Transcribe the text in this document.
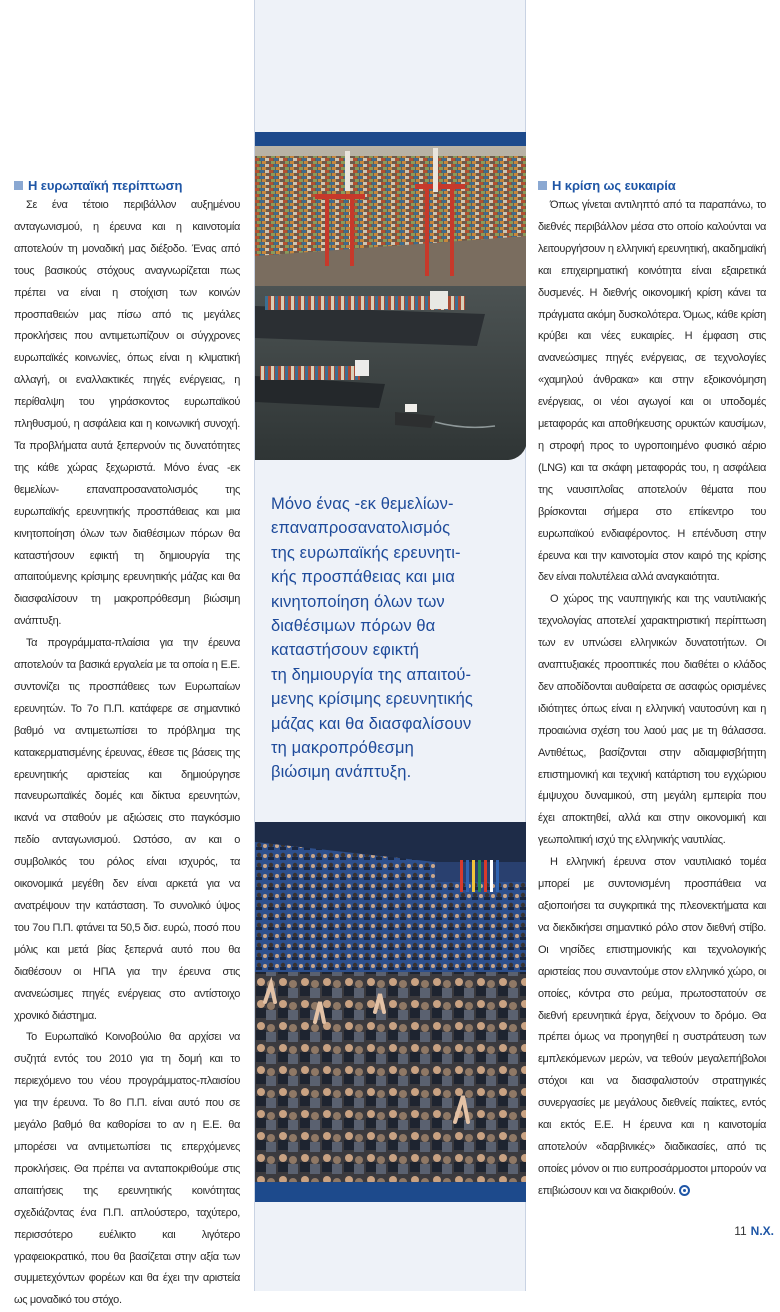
Η ευρωπαϊκή περίπτωση

Σε ένα τέτοιο περιβάλλον αυξημένου ανταγωνισμού, η έρευνα και η καινοτομία αποτελούν τη μοναδική μας διέξοδο. Ένας από τους βασικούς στόχους αναγνωρίζεται πως πρέπει να είναι η στοίχιση των κοινών προσπαθειών μας πίσω από τις μεγάλες προκλήσεις που αντιμετωπίζουν οι σύγχρονες ευρωπαϊκές κοινωνίες, όπως είναι η κλιματική αλλαγή, οι εναλλακτικές πηγές ενέργειας, η περίθαλψη του γηράσκοντος ευρωπαϊκού πληθυσμού, η ασφάλεια και η κοινωνική συνοχή. Τα προβλήματα αυτά ξεπερνούν τις δυνατότητες της κάθε χώρας ξεχωριστά. Μόνο ένας -εκ θεμελίων- επαναπροσανατολισμός της ευρωπαϊκής ερευνητικής προσπάθειας και μια κινητοποίηση όλων των διαθέσιμων πόρων θα καταστήσουν εφικτή τη δημιουργία της απαιτούμενης κρίσιμης ερευνητικής μάζας και θα διασφαλίσουν τη μακροπρόθεσμη βιώσιμη ανάπτυξη.

Τα προγράμματα-πλαίσια για την έρευνα αποτελούν τα βασικά εργαλεία με τα οποία η Ε.Ε. συντονίζει τις προσπάθειες των Ευρωπαίων ερευνητών. Το 7ο Π.Π. κατάφερε σε σημαντικό βαθμό να αντιμετωπίσει το πρόβλημα της κατακερματισμένης έρευνας, έθεσε τις βάσεις της ερευνητικής αριστείας και δημιούργησε πανευρωπαϊκές δομές και δίκτυα ερευνητών, ικανά να σταθούν με αξιώσεις στο παγκόσμιο πεδίο ανταγωνισμού. Ωστόσο, αν και ο συμβολικός του ρόλος είναι ισχυρός, τα οικονομικά μεγέθη δεν είναι αρκετά για να ανατρέψουν την κατάσταση. Το συνολικό ύψος του 7ου Π.Π. φτάνει τα 50,5 δισ. ευρώ, ποσό που μόλις και μετά βίας ξεπερνά αυτό που θα διαθέσουν οι ΗΠΑ για την έρευνα στις ανανεώσιμες πηγές ενέργειας στο αντίστοιχο χρονικό διάστημα.

Το Ευρωπαϊκό Κοινοβούλιο θα αρχίσει να συζητά εντός του 2010 για τη δομή και το περιεχόμενο του νέου προγράμματος-πλαισίου για την έρευνα. Το 8ο Π.Π. είναι αυτό που σε μεγάλο βαθμό θα καθορίσει το αν η Ε.Ε. θα μπορέσει να αντιμετωπίσει τις επερχόμενες προκλήσεις. Θα πρέπει να ανταποκριθούμε στις απαιτήσεις της ερευνητικής κοινότητας σχεδιάζοντας ένα Π.Π. απλούστερο, ταχύτερο, περισσότερο ευέλικτο και λιγότερο γραφειοκρατικό, που θα βασίζεται στην αξία των συμμετεχόντων φορέων και θα έχει την αριστεία ως μοναδικό του στόχο.

Μόνο ένας -εκ θεμελίων-
επαναπροσανατολισμός
της ευρωπαϊκής ερευνητι-
κής προσπάθειας και μια
κινητοποίηση όλων των
διαθέσιμων πόρων θα
καταστήσουν εφικτή
τη δημιουργία της απαιτού-
μενης κρίσιμης ερευνητικής
μάζας και θα διασφαλίσουν
τη μακροπρόθεσμη
βιώσιμη ανάπτυξη.
Η κρίση ως ευκαιρία

Όπως γίνεται αντιληπτό από τα παραπάνω, το διεθνές περιβάλλον μέσα στο οποίο καλούνται να λειτουργήσουν η ελληνική ερευνητική, ακαδημαϊκή και επιχειρηματική κοινότητα είναι εξαιρετικά δυσμενές. Η διεθνής οικονομική κρίση κάνει τα πράγματα ακόμη δυσκολότερα. Όμως, κάθε κρίση κρύβει και νέες ευκαιρίες. Η έμφαση στις ανανεώσιμες πηγές ενέργειας, σε τεχνολογίες «χαμηλού άνθρακα» και στην εξοικονόμηση ενέργειας, οι νέοι αγωγοί και οι υποδομές μεταφοράς και αποθήκευσης ορυκτών καυσίμων, η στροφή προς το υγροποιημένο φυσικό αέριο (LNG) και τα σκάφη μεταφοράς του, η ασφάλεια της ναυσιπλοΐας αποτελούν θέματα που βρίσκονται σήμερα στο επίκεντρο του ευρωπαϊκού ενδιαφέροντος. Η επένδυση στην έρευνα και την καινοτομία στον καιρό της κρίσης δεν είναι πολυτέλεια αλλά αναγκαιότητα.

Ο χώρος της ναυπηγικής και της ναυτιλιακής τεχνολογίας αποτελεί χαρακτηριστική περίπτωση των εν υπνώσει ελληνικών δυνατοτήτων. Οι αναπτυξιακές προοπτικές που διαθέτει ο κλάδος δεν αποδίδονται αυθαίρετα σε ασαφώς ορισμένες ιδιότητες όπως είναι η ελληνική ναυτοσύνη και η προαιώνια σχέση του λαού μας με τη θάλασσα. Αντιθέτως, βασίζονται στην αδιαμφισβήτητη επιστημονική και τεχνική κατάρτιση του εγχώριου έμψυχου δυναμικού, στη μεγάλη εμπειρία που έχει αποκτηθεί, αλλά και στην οικονομική και γεωπολιτική ισχύ της ελληνικής ναυτιλίας.

Η ελληνική έρευνα στον ναυτιλιακό τομέα μπορεί με συντονισμένη προσπάθεια να αξιοποιήσει τα συγκριτικά της πλεονεκτήματα και να διεκδικήσει σημαντικό ρόλο στον διεθνή στίβο. Οι νησίδες επιστημονικής και τεχνολογικής αριστείας που συναντούμε στον ελληνικό χώρο, οι οποίες, κόντρα στο ρεύμα, πρωτοστατούν σε διεθνή ερευνητικά έργα, δείχνουν το δρόμο. Θα πρέπει όμως να προηγηθεί η συστράτευση των εμπλεκόμενων μερών, να τεθούν μεγαλεπήβολοι στόχοι και να διασφαλιστούν στρατηγικές συνεργασίες με μεγάλους διεθνείς παίκτες, εντός και εκτός Ε.Ε. Η έρευνα και η καινοτομία αποτελούν «δαρβινικές» διαδικασίες, από τις οποίες μόνον οι πιο ευπροσάρμοστοι μπορούν να επιβιώσουν και να διακριθούν.

11 Ν.Χ.
